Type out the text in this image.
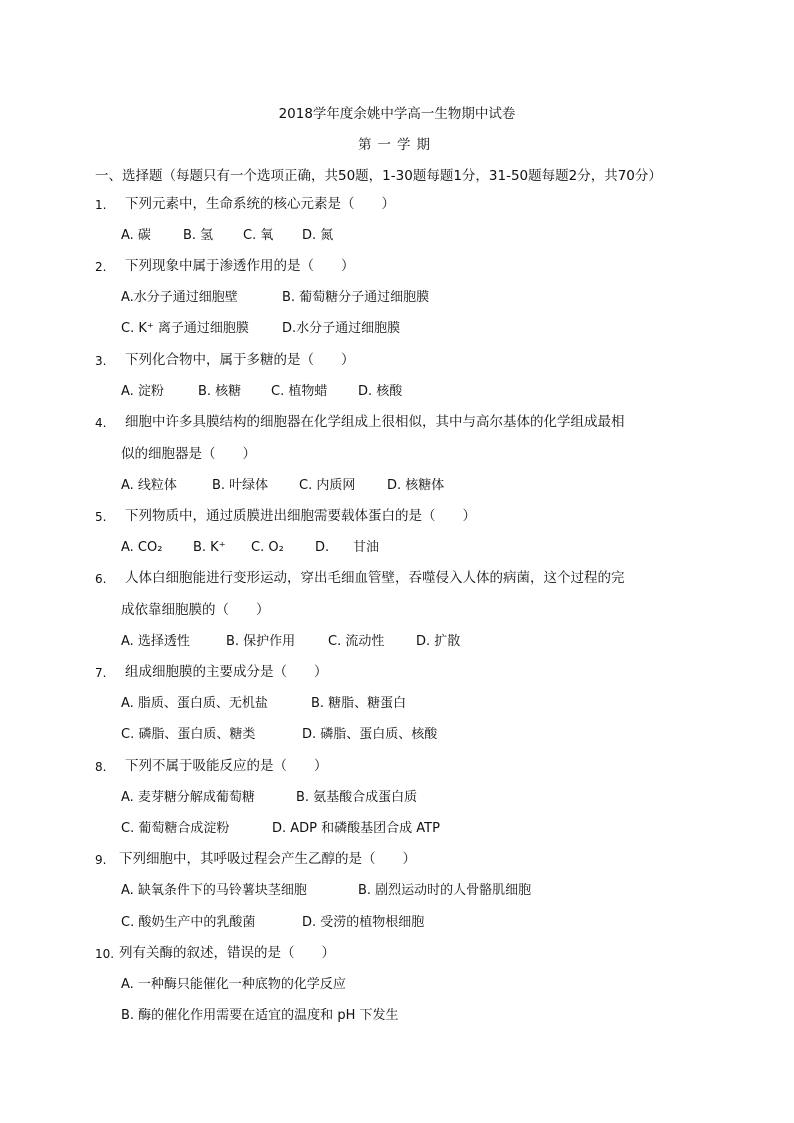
2018学年度余姚中学高一生物期中试卷
第一学期
一、选择题（每题只有一个选项正确，共50题，1-30题每题1分，31-50题每题2分，共70分）
1. 下列元素中，生命系统的核心元素是（　　）
A. 碳 B. 氢 C. 氧 D. 氮
2. 下列现象中属于渗透作用的是（　　）
A.水分子通过细胞壁	B. 葡萄糖分子通过细胞膜
C. K⁺ 离子通过细胞膜	D.水分子通过细胞膜
3. 下列化合物中，属于多糖的是（　　）
A. 淀粉	B. 核糖 C. 植物蜡 D. 核酸
4. 细胞中许多具膜结构的细胞器在化学组成上很相似，其中与高尔基体的化学组成最相
似的细胞器是（　　）
A. 线粒体	B. 叶绿体 C. 内质网 D. 核糖体
5. 下列物质中，通过质膜进出细胞需要载体蛋白的是（　　）
A. CO₂ B. K⁺ C. O₂ D. 甘油
6. 人体白细胞能进行变形运动，穿出毛细血管壁，吞噬侵入人体的病菌，这个过程的完
成依靠细胞膜的（　　）
A. 选择透性	B. 保护作用	C. 流动性 D. 扩散
7. 组成细胞膜的主要成分是（　　）
A. 脂质、蛋白质、无机盐	B. 糖脂、糖蛋白
C. 磷脂、蛋白质、糖类	D. 磷脂、蛋白质、核酸
8. 下列不属于吸能反应的是（　　）
A. 麦芽糖分解成葡萄糖	B. 氨基酸合成蛋白质
C. 葡萄糖合成淀粉	D. ADP 和磷酸基团合成 ATP
9. 下列细胞中，其呼吸过程会产生乙醇的是（　　）
A. 缺氧条件下的马铃薯块茎细胞	B. 剧烈运动时的人骨骼肌细胞
C. 酸奶生产中的乳酸菌	D. 受涝的植物根细胞
10. 列有关酶的叙述，错误的是（　　）
A. 一种酶只能催化一种底物的化学反应
B. 酶的催化作用需要在适宜的温度和 pH 下发生
